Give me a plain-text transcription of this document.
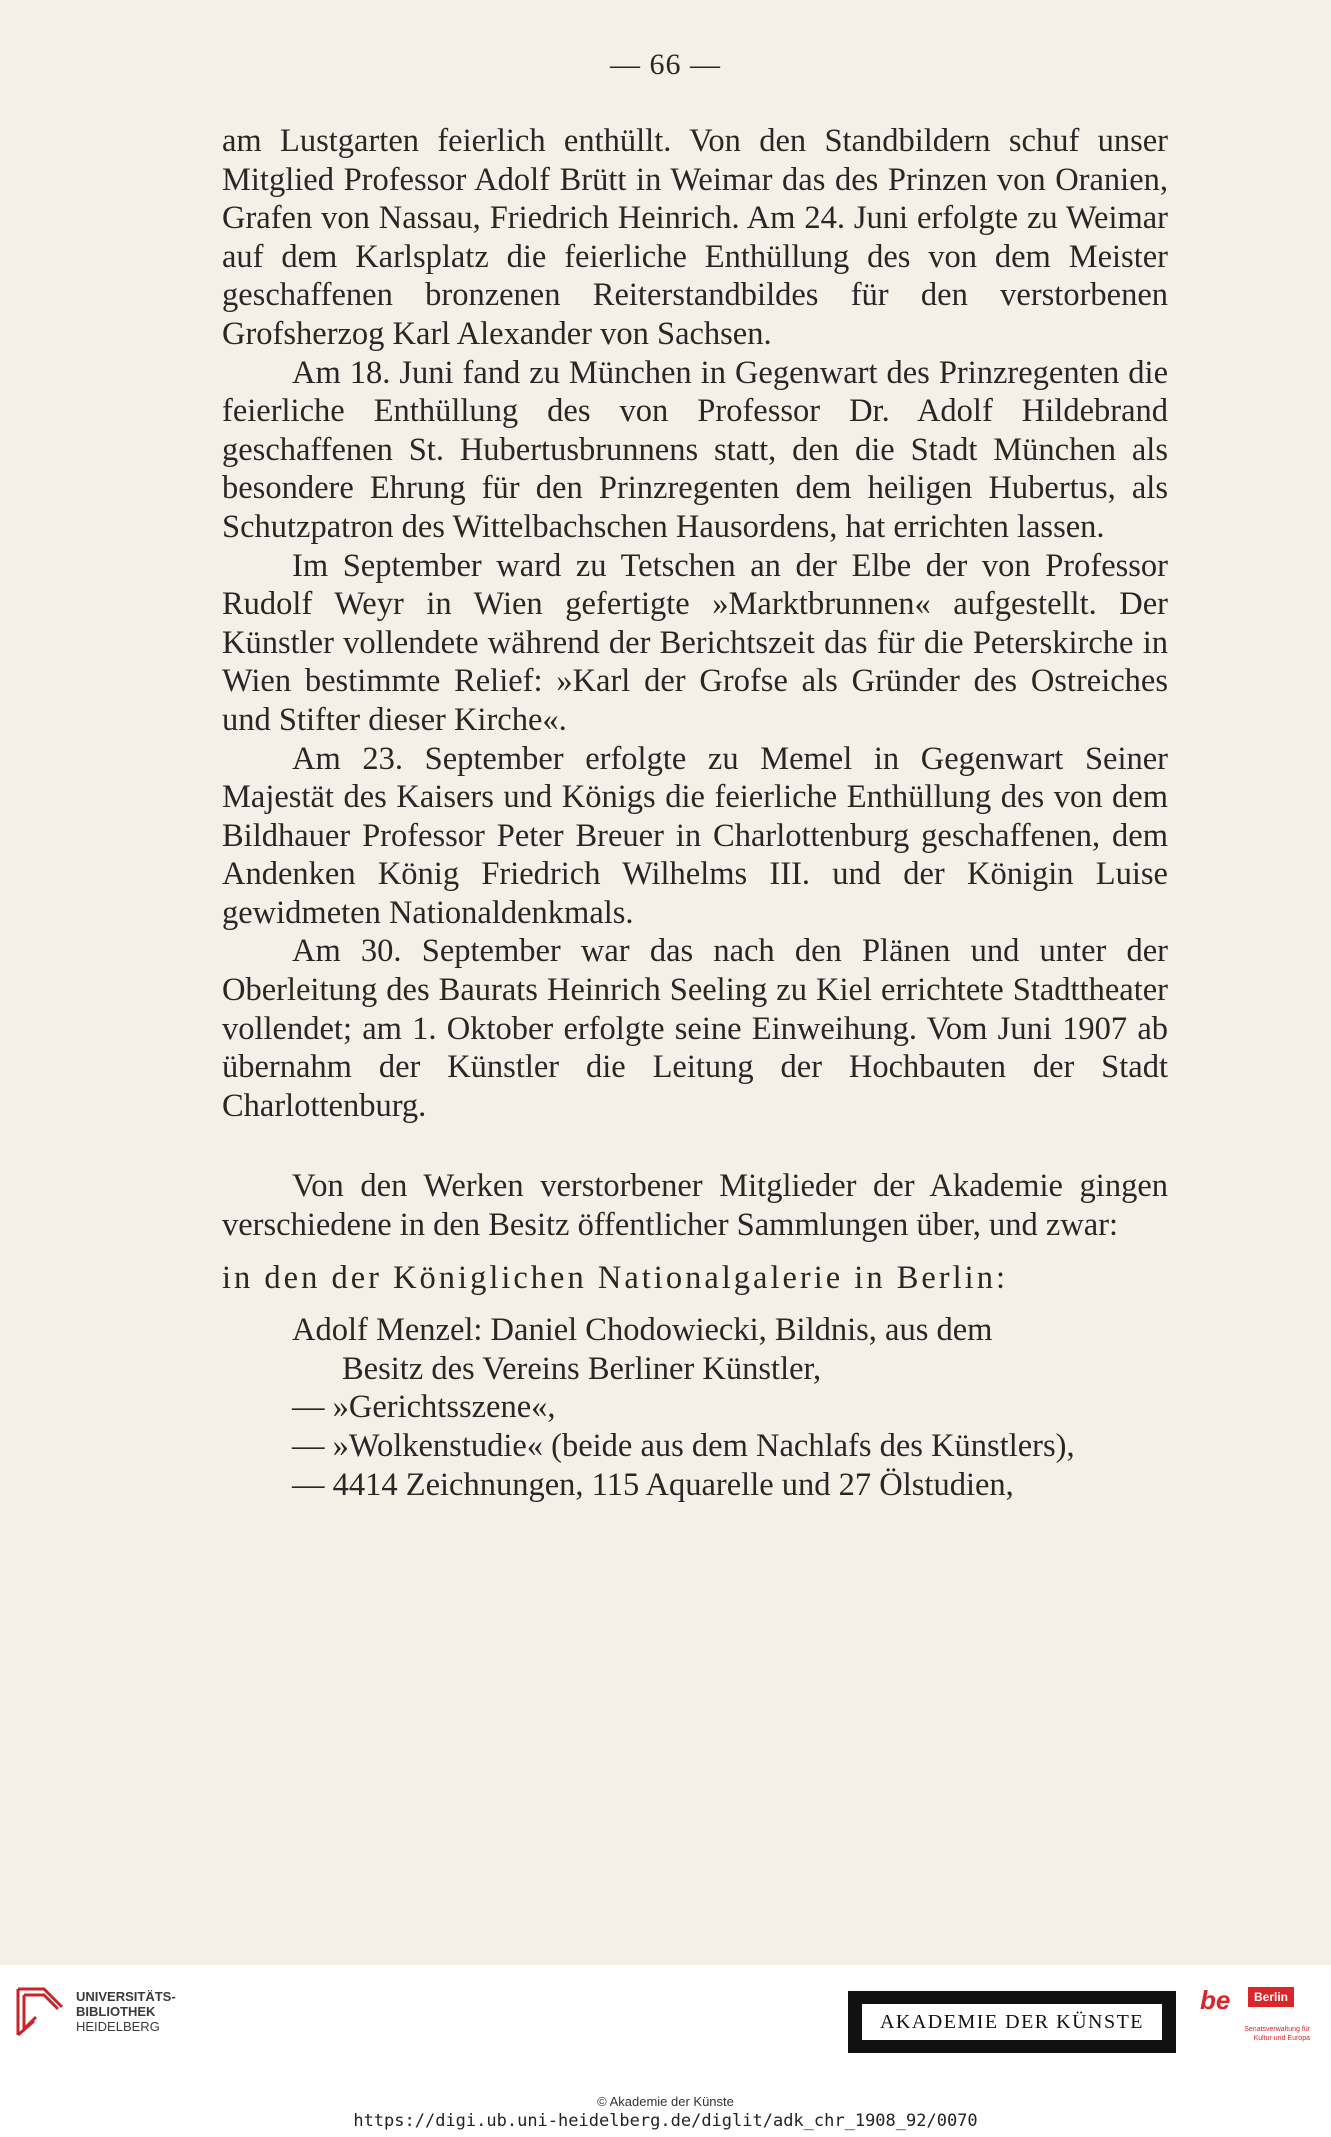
— 66 —

am Lustgarten feierlich enthüllt. Von den Standbildern schuf unser Mitglied Professor Adolf Brütt in Weimar das des Prinzen von Oranien, Grafen von Nassau, Friedrich Heinrich. Am 24. Juni erfolgte zu Weimar auf dem Karlsplatz die feierliche Enthüllung des von dem Meister geschaffenen bronzenen Reiterstandbildes für den verstorbenen Grofsherzog Karl Alexander von Sachsen.

Am 18. Juni fand zu München in Gegenwart des Prinzregenten die feierliche Enthüllung des von Professor Dr. Adolf Hildebrand geschaffenen St. Hubertusbrunnens statt, den die Stadt München als besondere Ehrung für den Prinzregenten dem heiligen Hubertus, als Schutzpatron des Wittelbachschen Hausordens, hat errichten lassen.

Im September ward zu Tetschen an der Elbe der von Professor Rudolf Weyr in Wien gefertigte »Marktbrunnen« aufgestellt. Der Künstler vollendete während der Berichtszeit das für die Peterskirche in Wien bestimmte Relief: »Karl der Grofse als Gründer des Ostreiches und Stifter dieser Kirche«.

Am 23. September erfolgte zu Memel in Gegenwart Seiner Majestät des Kaisers und Königs die feierliche Enthüllung des von dem Bildhauer Professor Peter Breuer in Charlottenburg geschaffenen, dem Andenken König Friedrich Wilhelms III. und der Königin Luise gewidmeten Nationaldenkmals.

Am 30. September war das nach den Plänen und unter der Oberleitung des Baurats Heinrich Seeling zu Kiel errichtete Stadttheater vollendet; am 1. Oktober erfolgte seine Einweihung. Vom Juni 1907 ab übernahm der Künstler die Leitung der Hochbauten der Stadt Charlottenburg.

Von den Werken verstorbener Mitglieder der Akademie gingen verschiedene in den Besitz öffentlicher Sammlungen über, und zwar:

in den der Königlichen Nationalgalerie in Berlin:

Adolf Menzel: Daniel Chodowiecki, Bildnis, aus dem

Besitz des Vereins Berliner Künstler,

— »Gerichtsszene«,

— »Wolkenstudie« (beide aus dem Nachlafs des Künstlers),

— 4414 Zeichnungen, 115 Aquarelle und 27 Ölstudien,

UNIVERSITÄTS-
BIBLIOTHEK
HEIDELBERG	AKADEMIE DER KÜNSTE
be	Berlin
Senatsverwaltung für Kultur und Europa
© Akademie der Künste
https://digi.ub.uni-heidelberg.de/diglit/adk_chr_1908_92/0070
